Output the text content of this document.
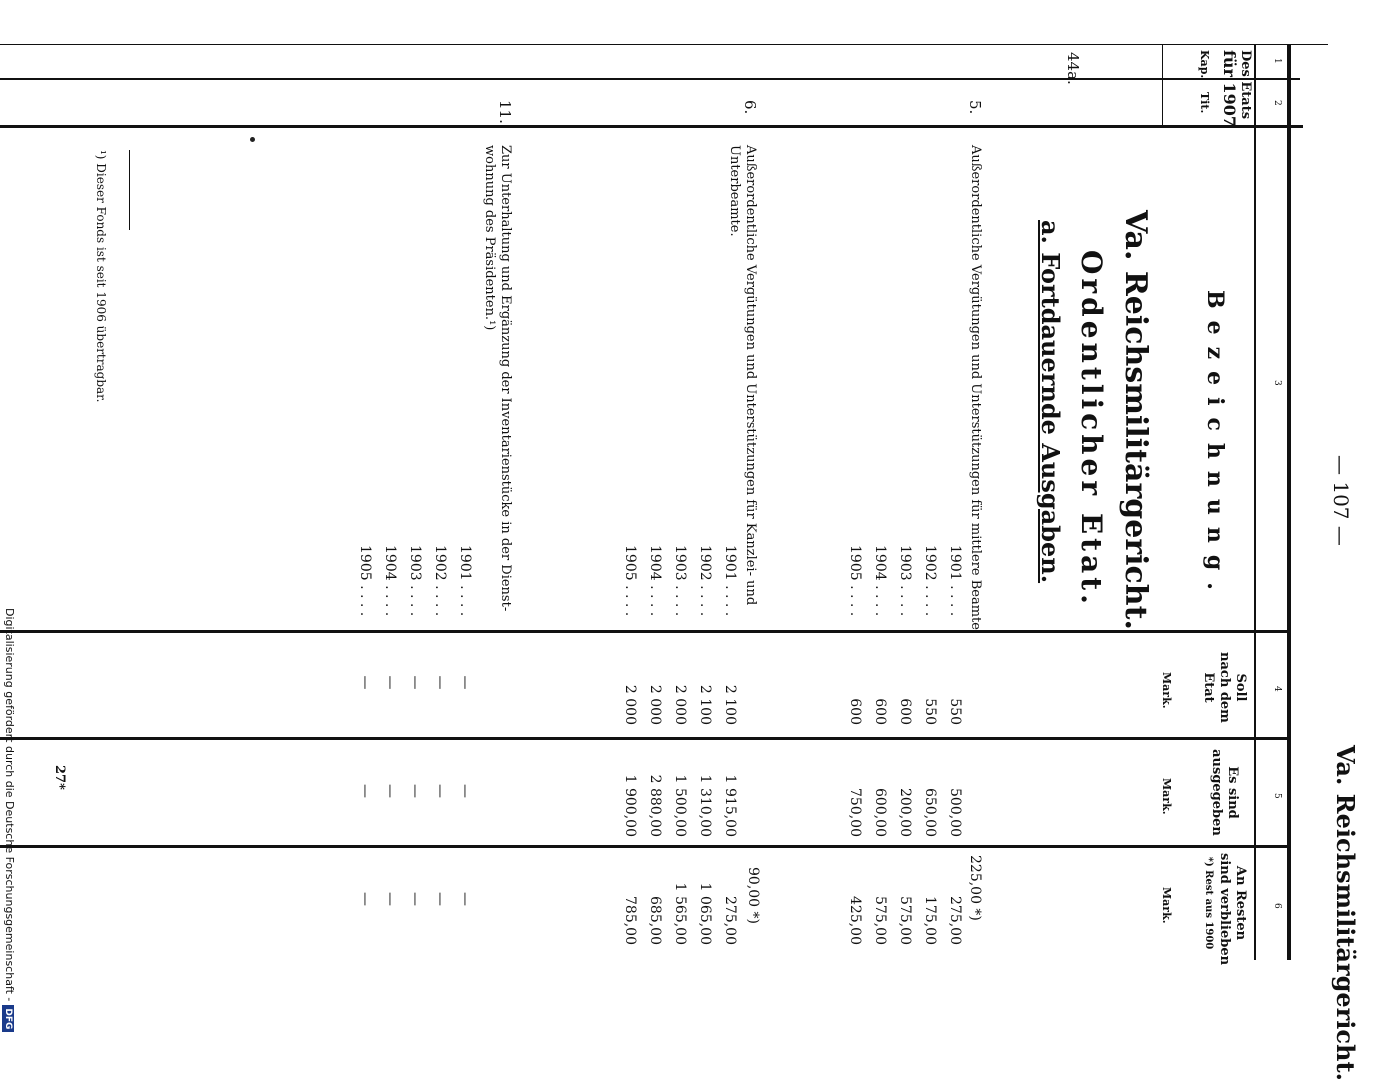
Va. Reichsmilitärgericht.
— 107 —
1
2
3
4
5
6
Des Etats
für 1907
Kap.
Tit.
Bezeichnung.
Soll
nach dem
Etat
Es sind
ausgegeben
An Resten
sind verblieben
*) Rest aus 1900
Mark.
Mark.
Mark.
Va. Reichsmilitärgericht.
Ordentlicher Etat.
a. Fortdauernde Ausgaben.
44a.
5.
Außerordentliche Vergütungen und Unterstützungen für mittlere Beamte.
225,00 *)
6.
Außerordentliche Vergütungen und Unterstützungen für Kanzlei- und
Unterbeamte.
90,00 *)
11.
Zur Unterhaltung und Ergänzung der Inventarienstücke in der Dienst-
wohnung des Präsidenten.¹)
1901 . . . .
550
500,00
275,00
1902 . . . .
550
650,00
175,00
1903 . . . .
600
200,00
575,00
1904 . . . .
600
600,00
575,00
1905 . . . .
600
750,00
425,00
1901 . . . .
2 100
1 915,00
275,00
1902 . . . .
2 100
1 310,00
1 065,00
1903 . . . .
2 000
1 500,00
1 565,00
1904 . . . .
2 000
2 880,00
685,00
1905 . . . .
2 000
1 900,00
785,00
1901 . . . .
—
—
—
1902 . . . .
—
—
—
1903 . . . .
—
—
—
1904 . . . .
—
—
—
1905 . . . .
—
—
—
¹) Dieser Fonds ist seit 1906 übertragbar.
27*
Digitalisierung gefördert durch die Deutsche Forschungsgemeinschaft -DFG
